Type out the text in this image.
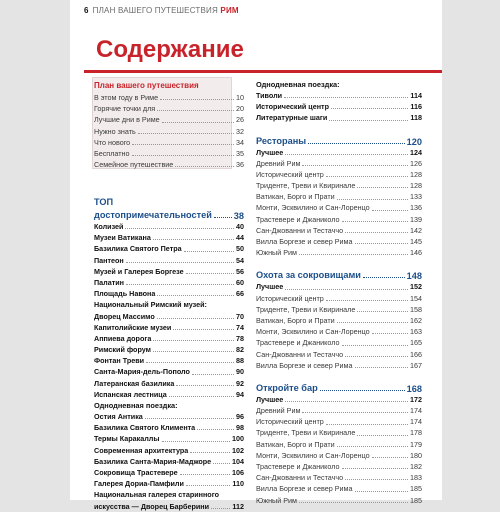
6 ПЛАН ВАШЕГО ПУТЕШЕСТВИЯ РИМ
Содержание
План вашего путешествия
В этом году в Риме	10
Горячие точки для	20
Лучшие дни в Риме	26
Нужно знать	32
Что нового	34
Бесплатно	35
Семейное путешествие	36
ТОП
достопримечательностей 38
Колизей	40
Музеи Ватикана	44
Базилика Святого Петра	50
Пантеон	54
Музей и Галерея Боргезе	56
Палатин	60
Площадь Навона	66
Национальный Римский музей:
Дворец Массимо	70
Капитолийские музеи	74
Аппиева дорога	78
Римский форум	82
Фонтан Треви	88
Санта-Мария-дель-Пополо	90
Латеранская базилика	92
Испанская лестница	94
Однодневная поездка:
Остия Антика	96
Базилика Святого Климента	98
Термы Каракаллы	100
Современная архитектура	102
Базилика Санта-Мария-Маджоре	104
Сокровища Трастевере	106
Галерея Дориа-Памфили	110
Национальная галерея старинного
искусства — Дворец Барберини	112
Однодневная поездка:
Тиволи	114
Исторический центр	116
Литературные шаги	118
Рестораны	120
Лучшее	124
Древний Рим	126
Исторический центр	128
Триденте, Треви и Квиринале	128
Ватикан, Борго и Прати	133
Монти, Эсквилино и Сан-Лоренцо	136
Трастевере и Джаниколо	139
Сан-Джованни и Тестаччо	142
Вилла Боргезе и север Рима	145
Южный Рим	146
Охота за сокровищами	148
Лучшее	152
Исторический центр	154
Триденте, Треви и Квиринале	158
Ватикан, Борго и Прати	162
Монти, Эсквилино и Сан-Лоренцо	163
Трастевере и Джаниколо	165
Сан-Джованни и Тестаччо	166
Вилла Боргезе и север Рима	167
Откройте бар	168
Лучшее	172
Древний Рим	174
Исторический центр	174
Триденте, Треви и Квиринале	178
Ватикан, Борго и Прати	179
Монти, Эсквилино и Сан-Лоренцо	180
Трастевере и Джаниколо	182
Сан-Джованни и Тестаччо	183
Вилла Боргезе и север Рима	185
Южный Рим	185
